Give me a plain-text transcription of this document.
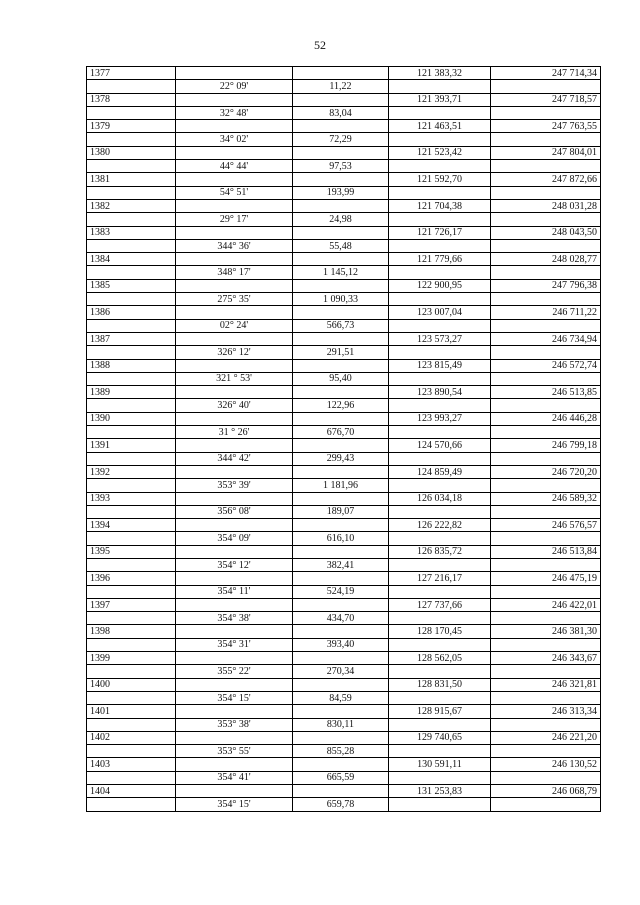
52
1377			121 383,32	247 714,34
	22° 09'	11,22		
1378			121 393,71	247 718,57
	32° 48'	83,04		
1379			121 463,51	247 763,55
	34° 02'	72,29		
1380			121 523,42	247 804,01
	44° 44'	97,53		
1381			121 592,70	247 872,66
	54° 51'	193,99		
1382			121 704,38	248 031,28
	29° 17'	24,98		
1383			121 726,17	248 043,50
	344° 36'	55,48		
1384			121 779,66	248 028,77
	348° 17'	1 145,12		
1385			122 900,95	247 796,38
	275° 35'	1 090,33		
1386			123 007,04	246 711,22
	02° 24'	566,73		
1387			123 573,27	246 734,94
	326° 12'	291,51		
1388			123 815,49	246 572,74
	321 ° 53'	95,40		
1389			123 890,54	246 513,85
	326° 40'	122,96		
1390			123 993,27	246 446,28
	31 ° 26'	676,70		
1391			124 570,66	246 799,18
	344° 42'	299,43		
1392			124 859,49	246 720,20
	353° 39'	1 181,96		
1393			126 034,18	246 589,32
	356° 08'	189,07		
1394			126 222,82	246 576,57
	354° 09'	616,10		
1395			126 835,72	246 513,84
	354° 12'	382,41		
1396			127 216,17	246 475,19
	354° 11'	524,19		
1397			127 737,66	246 422,01
	354° 38'	434,70		
1398			128 170,45	246 381,30
	354° 31'	393,40		
1399			128 562,05	246 343,67
	355° 22'	270,34		
1400			128 831,50	246 321,81
	354° 15'	84,59		
1401			128 915,67	246 313,34
	353° 38'	830,11		
1402			129 740,65	246 221,20
	353° 55'	855,28		
1403			130 591,11	246 130,52
	354° 41'	665,59		
1404			131 253,83	246 068,79
	354° 15'	659,78		
